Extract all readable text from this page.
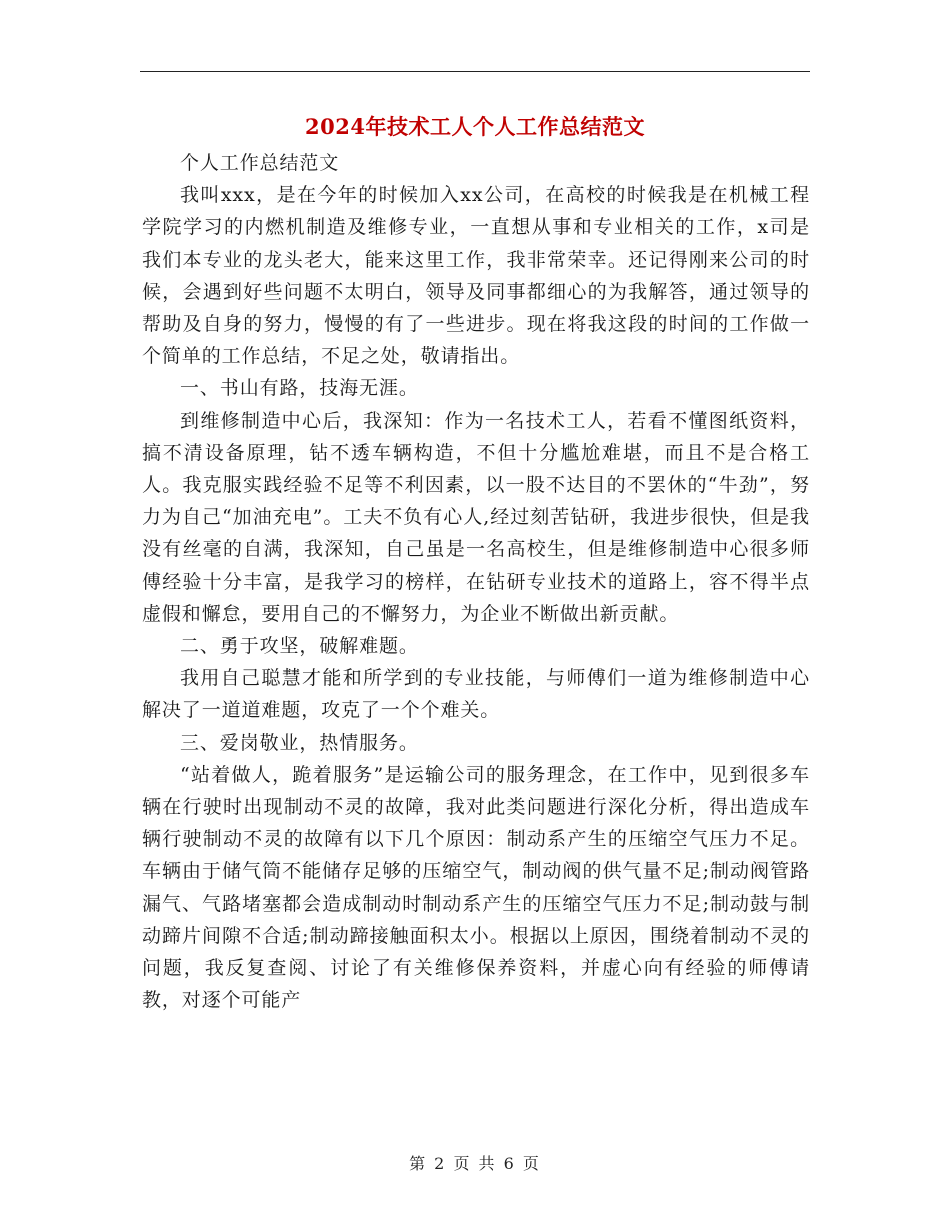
2024年技术工人个人工作总结范文

个人工作总结范文

我叫xxx，是在今年的时候加入xx公司，在高校的时候我是在机械工程学院学习的内燃机制造及维修专业，一直想从事和专业相关的工作，x司是我们本专业的龙头老大，能来这里工作，我非常荣幸。还记得刚来公司的时候，会遇到好些问题不太明白，领导及同事都细心的为我解答，通过领导的帮助及自身的努力，慢慢的有了一些进步。现在将我这段的时间的工作做一个简单的工作总结，不足之处，敬请指出。

一、书山有路，技海无涯。

到维修制造中心后，我深知：作为一名技术工人，若看不懂图纸资料，搞不清设备原理，钻不透车辆构造，不但十分尴尬难堪，而且不是合格工人。我克服实践经验不足等不利因素，以一股不达目的不罢休的“牛劲”，努力为自己“加油充电”。工夫不负有心人,经过刻苦钻研，我进步很快，但是我没有丝毫的自满，我深知，自己虽是一名高校生，但是维修制造中心很多师傅经验十分丰富，是我学习的榜样，在钻研专业技术的道路上，容不得半点虚假和懈怠，要用自己的不懈努力，为企业不断做出新贡献。

二、勇于攻坚，破解难题。

我用自己聪慧才能和所学到的专业技能，与师傅们一道为维修制造中心解决了一道道难题，攻克了一个个难关。

三、爱岗敬业，热情服务。

“站着做人，跪着服务”是运输公司的服务理念，在工作中，见到很多车辆在行驶时出现制动不灵的故障，我对此类问题进行深化分析，得出造成车辆行驶制动不灵的故障有以下几个原因：制动系产生的压缩空气压力不足。车辆由于储气筒不能储存足够的压缩空气，制动阀的供气量不足;制动阀管路漏气、气路堵塞都会造成制动时制动系产生的压缩空气压力不足;制动鼓与制动蹄片间隙不合适;制动蹄接触面积太小。根据以上原因，围绕着制动不灵的问题，我反复查阅、讨论了有关维修保养资料，并虚心向有经验的师傅请教，对逐个可能产

第 2 页 共 6 页
